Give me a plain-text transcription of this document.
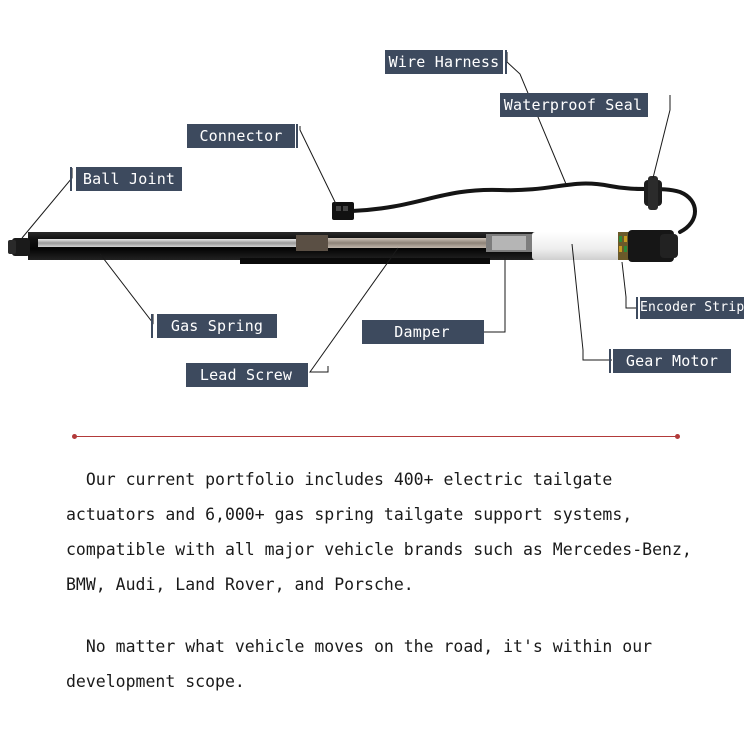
Wire Harness
Waterproof Seal
Connector
Ball Joint
Gas Spring	Damper
Lead Screw
Encoder Strip
Gear Motor

Our current portfolio includes 400+ electric tailgate
actuators and 6,000+ gas spring tailgate support systems,
compatible with all major vehicle brands such as Mercedes-Benz,
BMW, Audi, Land Rover, and Porsche.

No matter what vehicle moves on the road, it's within our
development scope.
